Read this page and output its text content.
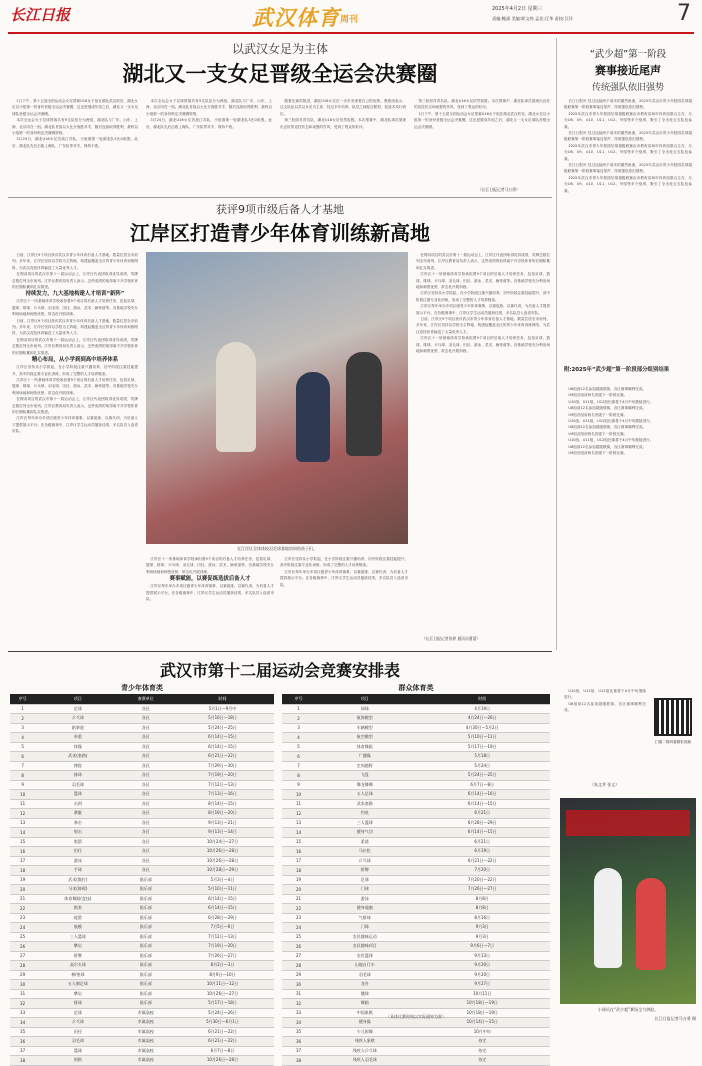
长江日报	武汉体育 周刊
2025年4月2日 星期三
责编:鲍涌 美编:职文筠 孟佳:汪华 责校:汪洋	7
以武汉女足为主体
湖北又一支女足晋级全运会决赛圈

1日下午，第十五届全国运动会女足预赛U16女子组在湖北武汉收官，湖北女足以小组第一的身份晋级全运会决赛圈，这也是继成年组之后，湖北又一支女足球队晋级全运会决赛圈。

本次全运会女子足球预赛共有9支队伍分为两组，湖北队与广东、山东、上海、北京同在一组。湖北队首战以大比分战胜对手，随后连续取得胜利，最终以小组第一的身份锁定决赛圈资格。

3月24日，湖北U16女足首战江苏队，小组赛第一轮湖北队3比0取胜。此后，湖北队先后击败上海队、广东队等对手，保持不败。

本次全运会女子足球预赛共有9支队伍分为两组，湖北队与广东、山东、上海、北京同在一组。湖北队首战以大比分战胜对手，随后连续取得胜利，最终以小组第一的身份锁定决赛圈资格。

3月24日，湖北U16女足首战江苏队，小组赛第一轮湖北队3比0取胜。此后，湖北队先后击败上海队、广东队等对手，保持不败。

随着比赛的推进，湖北U16女足在一步步发现着自己的优势。教练组表示，这支队伍以武汉女足为主体，经过多年培养，队员之间配合默契，技战术执行到位。

第三轮面对青岛队，湖北U16女足依然取胜。本次预赛中，湖北队球员展现出良好的竞技状态和顽强的作风，受到了观众的好评。

第三轮面对青岛队，湖北U16女足依然取胜。本次预赛中，湖北队球员展现出良好的竞技状态和顽强的作风，受到了观众的好评。

1日下午，第十五届全国运动会女足预赛U16女子组在湖北武汉收官，湖北女足以小组第一的身份晋级全运会决赛圈，这也是继成年组之后，湖北又一支女足球队晋级全运会决赛圈。

（长江日报记者马万勇）
获评9项市级后备人才基地
江岸区打造青少年体育训练新高地

日前，江岸区9个项目获评武汉市青少年体育后备人才基地，数量位居全市前列。多年来，江岸区坚持以学校为主阵地，构建起覆盖全区的青少年体育训练网络，为武汉竞技体育输送了大量优秀人才。

在网羽项目的武汉市第十一届运动会上，江岸区代表团取得优异成绩，奖牌总数位列全市前列。江岸区教育局负责人表示，这些成绩的取得离不开学校体育的长期积累和扎实推进。

持续发力，九大基地构建人才培训“新阵”

江岸区十一所基础体育学校承担着9个项目的后备人才培养任务，包括足球、篮球、排球、乒乓球、羽毛球、田径、游泳、武术、跆拳道等。各基地学校充分利用场地和师资优势，常态化开展训练。

日前，江岸区9个项目获评武汉市青少年体育后备人才基地，数量位居全市前列。多年来，江岸区坚持以学校为主阵地，构建起覆盖全区的青少年体育训练网络，为武汉竞技体育输送了大量优秀人才。

在网羽项目的武汉市第十一届运动会上，江岸区代表团取得优异成绩，奖牌总数位列全市前列。江岸区教育局负责人表示，这些成绩的取得离不开学校体育的长期积累和扎实推进。

精心布局，从小学到到高中培养体系

江岸区坚持从小学抓起，在小学阶段注重兴趣培养，初中阶段注重技能提升，高中阶段注重专业化训练，形成了完整的人才培养链条。

江岸区十一所基础体育学校承担着9个项目的后备人才培养任务，包括足球、篮球、排球、乒乓球、羽毛球、田径、游泳、武术、跆拳道等。各基地学校充分利用场地和师资优势，常态化开展训练。

在网羽项目的武汉市第十一届运动会上，江岸区代表团取得优异成绩，奖牌总数位列全市前列。江岸区教育局负责人表示，这些成绩的取得离不开学校体育的长期积累和扎实推进。

江岸区每年举办多项区级青少年体育赛事，以赛促练、以赛代训，为后备人才提供展示平台。在各级赛事中，江岸区学生运动员屡获佳绩，多名队员入选省市队。

在江岸区全体体校羽毛球基地培训的孩子们。

江岸区十一所基础体育学校承担着9个项目的后备人才培养任务，包括足球、篮球、排球、乒乓球、羽毛球、田径、游泳、武术、跆拳道等。各基地学校充分利用场地和师资优势，常态化开展训练。

赛事赋能，以赛促练选拔后备人才

江岸区每年举办多项区级青少年体育赛事，以赛促练、以赛代训，为后备人才提供展示平台。在各级赛事中，江岸区学生运动员屡获佳绩，多名队员入选省市队。

江岸区坚持从小学抓起，在小学阶段注重兴趣培养，初中阶段注重技能提升，高中阶段注重专业化训练，形成了完整的人才培养链条。

江岸区每年举办多项区级青少年体育赛事，以赛促练、以赛代训，为后备人才提供展示平台。在各级赛事中，江岸区学生运动员屡获佳绩，多名队员入选省市队。

在网羽项目的武汉市第十一届运动会上，江岸区代表团取得优异成绩，奖牌总数位列全市前列。江岸区教育局负责人表示，这些成绩的取得离不开学校体育的长期积累和扎实推进。

江岸区十一所基础体育学校承担着9个项目的后备人才培养任务，包括足球、篮球、排球、乒乓球、羽毛球、田径、游泳、武术、跆拳道等。各基地学校充分利用场地和师资优势，常态化开展训练。

江岸区坚持从小学抓起，在小学阶段注重兴趣培养，初中阶段注重技能提升，高中阶段注重专业化训练，形成了完整的人才培养链条。

江岸区每年举办多项区级青少年体育赛事，以赛促练、以赛代训，为后备人才提供展示平台。在各级赛事中，江岸区学生运动员屡获佳绩，多名队员入选省市队。

日前，江岸区9个项目获评武汉市青少年体育后备人才基地，数量位居全市前列。多年来，江岸区坚持以学校为主阵地，构建起覆盖全区的青少年体育训练网络，为武汉竞技体育输送了大量优秀人才。

江岸区十一所基础体育学校承担着9个项目的后备人才培养任务，包括足球、篮球、排球、乒乓球、羽毛球、田径、游泳、武术、跆拳道等。各基地学校充分利用场地和师资优势，常态化开展训练。

（长江日报记者张婷 通讯员曹蕾）
“武少超”第一阶段
赛事接近尾声
传统强队依旧强势

长江日报讯 经过连续两个周末的激烈角逐，2025年武汉市青少年校园足球超级联赛第一阶段赛事接近尾声，传统强队依旧强势。

2025年武汉市青少年校园足球超级联赛由市教育局和市体育局联合主办，分为U8、U9、U10、U11、U12、甲组等多个组别，吸引了全市近百支队伍参赛。

长江日报讯 经过连续两个周末的激烈角逐，2025年武汉市青少年校园足球超级联赛第一阶段赛事接近尾声，传统强队依旧强势。

2025年武汉市青少年校园足球超级联赛由市教育局和市体育局联合主办，分为U8、U9、U10、U11、U12、甲组等多个组别，吸引了全市近百支队伍参赛。

长江日报讯 经过连续两个周末的激烈角逐，2025年武汉市青少年校园足球超级联赛第一阶段赛事接近尾声，传统强队依旧强势。

2025年武汉市青少年校园足球超级联赛由市教育局和市体育局联合主办，分为U8、U9、U10、U11、U12、甲组等多个组别，吸引了全市近百支队伍参赛。

附:2025年“武少超”第一阶段部分组别结果

U8组前12名参加超级联赛，各区赛事顺利完成。

U9组各组前两名晋级下一阶段比赛。

U10组、U11组、U12组比赛将于4月中旬继续进行。

U8组前12名参加超级联赛，各区赛事顺利完成。

U9组各组前两名晋级下一阶段比赛。

U10组、U11组、U12组比赛将于4月中旬继续进行。

U8组前12名参加超级联赛，各区赛事顺利完成。

U9组各组前两名晋级下一阶段比赛。

U10组、U11组、U12组比赛将于4月中旬继续进行。

U8组前12名参加超级联赛，各区赛事顺利完成。

U9组各组前两名晋级下一阶段比赛。

U10组、U11组、U12组比赛将于4月中旬继续进行。

U8组前12名参加超级联赛，各区赛事顺利完成。

（朱文茅 张文）
扫描二维码看精彩视频
小球员在“武少超”赛场全力拼抢。
长江日报记者马万勇 摄
武汉市第十二届运动会竞赛安排表
青少年体育类
序号	项目	参赛单位	时间
1	足球	各区	5月1日—9月中
2	乒乓球	各区	5月16日—18日
3	跆拳道	各区	5月24日—25日
4	举重	各区	6月14日—15日
5	体操	各区	6月14日—15日
6	武术(套路)	各区	6月21日—22日
7	摔跤	各区	7月29日—30日
8	排球	各区	7月19日—20日
9	羽毛球	各区	7月12日—13日
10	篮球	各区	7月13日—16日
11	击剑	各区	8月14日—15日
12	赛艇	各区	8月19日—20日
13	拳击	各区	9月13日—21日
14	射击	各区	9月13日—14日
15	射箭	各区	10月24日—27日
16	田径	各区	10月26日—28日
17	游泳	各区	10月26日—28日
18	手球	各区	10月28日—29日
19	武术(散打)	俱乐部	5月3日—4日
20	马术(障碍)	俱乐部	5月10日—11日
21	体育舞蹈(竞技)	俱乐部	6月14日—15日
22	棋类	俱乐部	6月14日—15日
23	轮滑	俱乐部	6月28日—29日
24	航模	俱乐部	7月5日—6日
25	三人篮球	俱乐部	7月12日—13日
26	攀岩	俱乐部	7月19日—20日
27	桥牌	俱乐部	7月26日—27日
28	高尔夫球	俱乐部	8月2日—3日
29	棒/垒球	俱乐部	8月9日—10日
30	五人制足球	俱乐部	10月11日—12日
31	攀岩	俱乐部	10月26日—27日
32	排球	俱乐部	5月17日—18日
33	足球	市属高校	5月24日—26日
34	乒乓球	市属高校	5月30日—6月1日
35	田径	市属高校	6月21日—22日
36	羽毛球	市属高校	6月21日—22日
37	篮球	市属高校	6月7日—8日
38	围棋	市属高校	10月26日—28日
群众体育类
序号	项目	时间
1	网球	4月19日
2	航海模型	4月24日—26日
3	车辆模型	4月30日—5月2日
4	航空模型	5月10日—11日
5	体育舞蹈	5月17日—19日
6	广播操	5月18日
7	定向越野	5月24日
8	飞盘	5月24日—25日
9	舞龙舞狮	6月7日—8日
10	五人足球	6月14日—16日
11	武术套路	6月14日—15日
12	钓鱼	6月21日
13	三人篮球	6月28日—29日
14	健身气功	6月14日—15日
15	柔道	6月21日
16	马拉松	6月19日
17	乒乓球	6月21日—22日
18	桥牌	7月20日
19	足球	7月20日—22日
20	门球	7月26日—27日
21	游泳	8月8日
22	健身瑜伽	8月8日
23	气排球	8月16日
24	门球	9月3日
25	农民趣味运动	9月3日
26	农民趣味项目	9月6日—7日
27	农民篮球	9月13日
28	山地自行车	9月20日
29	羽毛球	9月20日
30	龙舟	9月27日
31	毽球	10月11日
32	舞蹈	10月18日—19日
33	中国象棋	10月18日—19日
34	健身操	10月14日—15日
35	少儿街舞	10月中旬
36	残疾人象棋	待定
37	残疾人乒乓球	待定
38	残疾人羽毛球	待定
（具体比赛时间以实际通知为准）
